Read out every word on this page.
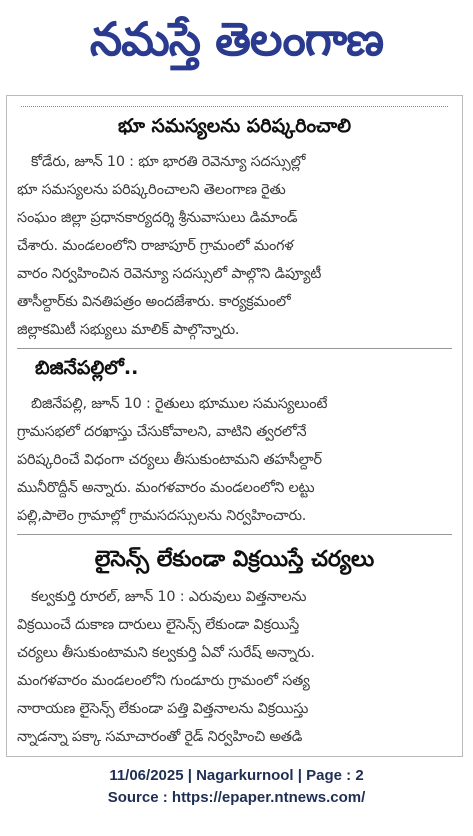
నమస్తే తెలంగాణ
భూ సమస్యలను పరిష్కరించాలి
కోడేరు, జూన్ 10 : భూ భారతి రెవెన్యూ సదస్సుల్లో
భూ సమస్యలను పరిష్కరించాలని తెలంగాణ రైతు
సంఘం జిల్లా ప్రధానకార్యదర్శి శ్రీనువాసులు డిమాండ్
చేశారు. మండలంలోని రాజాపూర్ గ్రామంలో మంగళ
వారం నిర్వహించిన రెవెన్యూ సదస్సులో పాల్గొని డిప్యూటీ
తాసీల్దార్‌కు వినతిపత్రం అందజేశారు. కార్యక్రమంలో
జిల్లాకమిటీ సభ్యులు మాలిక్ పాల్గొన్నారు.
బిజినేపల్లిలో..
బిజినేపల్లి, జూన్ 10 : రైతులు భూముల సమస్యలుంటే
గ్రామసభలో దరఖాస్తు చేసుకోవాలని, వాటిని త్వరలోనే
పరిష్కరించే విధంగా చర్యలు తీసుకుంటామని తహసీల్దార్
మునీరొద్దీన్ అన్నారు. మంగళవారం మండలంలోని లట్టు
పల్లి,పాలెం గ్రామాల్లో గ్రామసదస్సులను నిర్వహించారు.
లైసెన్స్ లేకుండా విక్రయిస్తే చర్యలు
కల్వకుర్తి రూరల్, జూన్ 10 : ఎరువులు విత్తనాలను
విక్రయించే దుకాణ దారులు లైసెన్స్ లేకుండా విక్రయిస్తే
చర్యలు తీసుకుంటామని కల్వకుర్తి ఏవో సురేష్ అన్నారు.
మంగళవారం మండలంలోని గుండూరు గ్రామంలో సత్య
నారాయణ లైసెన్స్ లేకుండా పత్తి విత్తనాలను విక్రయిస్తు
న్నాడన్నా పక్కా సమాచారంతో రైడ్ నిర్వహించి అతడి
11/06/2025 | Nagarkurnool | Page : 2
Source : https://epaper.ntnews.com/
